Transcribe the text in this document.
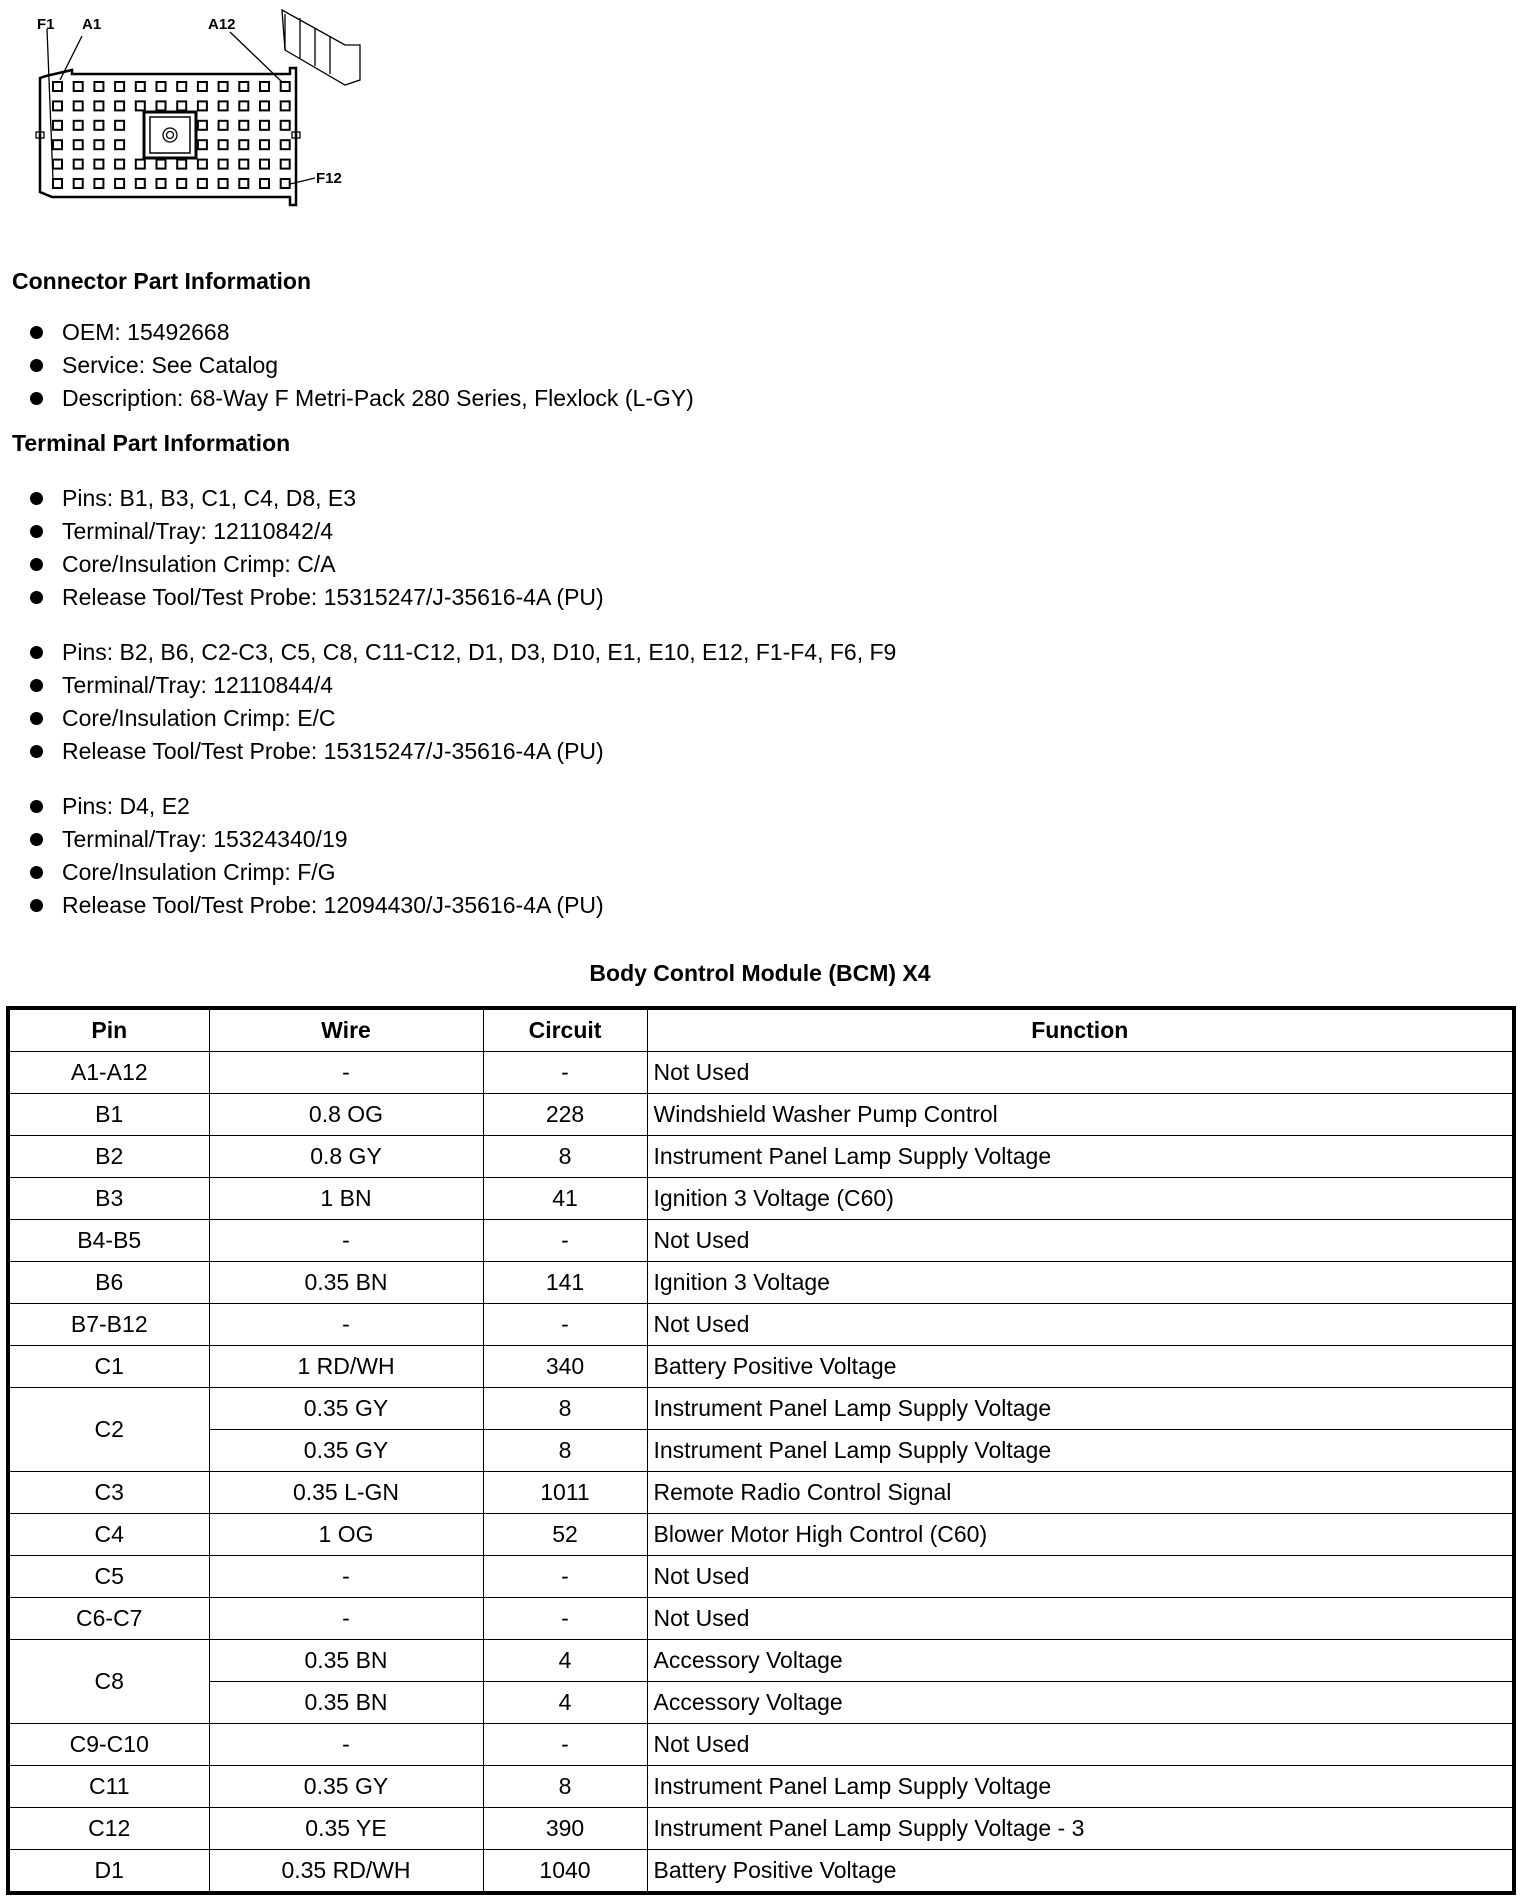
F1 A1	A12
F12
Connector Part Information
OEM: 15492668
Service: See Catalog
Description: 68-Way F Metri-Pack 280 Series, Flexlock (L-GY)
Terminal Part Information
Pins: B1, B3, C1, C4, D8, E3
Terminal/Tray: 12110842/4
Core/Insulation Crimp: C/A
Release Tool/Test Probe: 15315247/J-35616-4A (PU)
Pins: B2, B6, C2-C3, C5, C8, C11-C12, D1, D3, D10, E1, E10, E12, F1-F4, F6, F9
Terminal/Tray: 12110844/4
Core/Insulation Crimp: E/C
Release Tool/Test Probe: 15315247/J-35616-4A (PU)
Pins: D4, E2
Terminal/Tray: 15324340/19
Core/Insulation Crimp: F/G
Release Tool/Test Probe: 12094430/J-35616-4A (PU)
Body Control Module (BCM) X4
Pin	Wire	Circuit	Function
A1-A12	-	-	Not Used
B1	0.8 OG	228	Windshield Washer Pump Control
B2	0.8 GY	8	Instrument Panel Lamp Supply Voltage
B3	1 BN	41	Ignition 3 Voltage (C60)
B4-B5	-	-	Not Used
B6	0.35 BN	141	Ignition 3 Voltage
B7-B12	-	-	Not Used
C1	1 RD/WH	340	Battery Positive Voltage
C2	0.35 GY	8	Instrument Panel Lamp Supply Voltage
	0.35 GY	8	Instrument Panel Lamp Supply Voltage
C3	0.35 L-GN	1011	Remote Radio Control Signal
C4	1 OG	52	Blower Motor High Control (C60)
C5	-	-	Not Used
C6-C7	-	-	Not Used
C8	0.35 BN	4	Accessory Voltage
	0.35 BN	4	Accessory Voltage
C9-C10	-	-	Not Used
C11	0.35 GY	8	Instrument Panel Lamp Supply Voltage
C12	0.35 YE	390	Instrument Panel Lamp Supply Voltage - 3
D1	0.35 RD/WH	1040	Battery Positive Voltage
